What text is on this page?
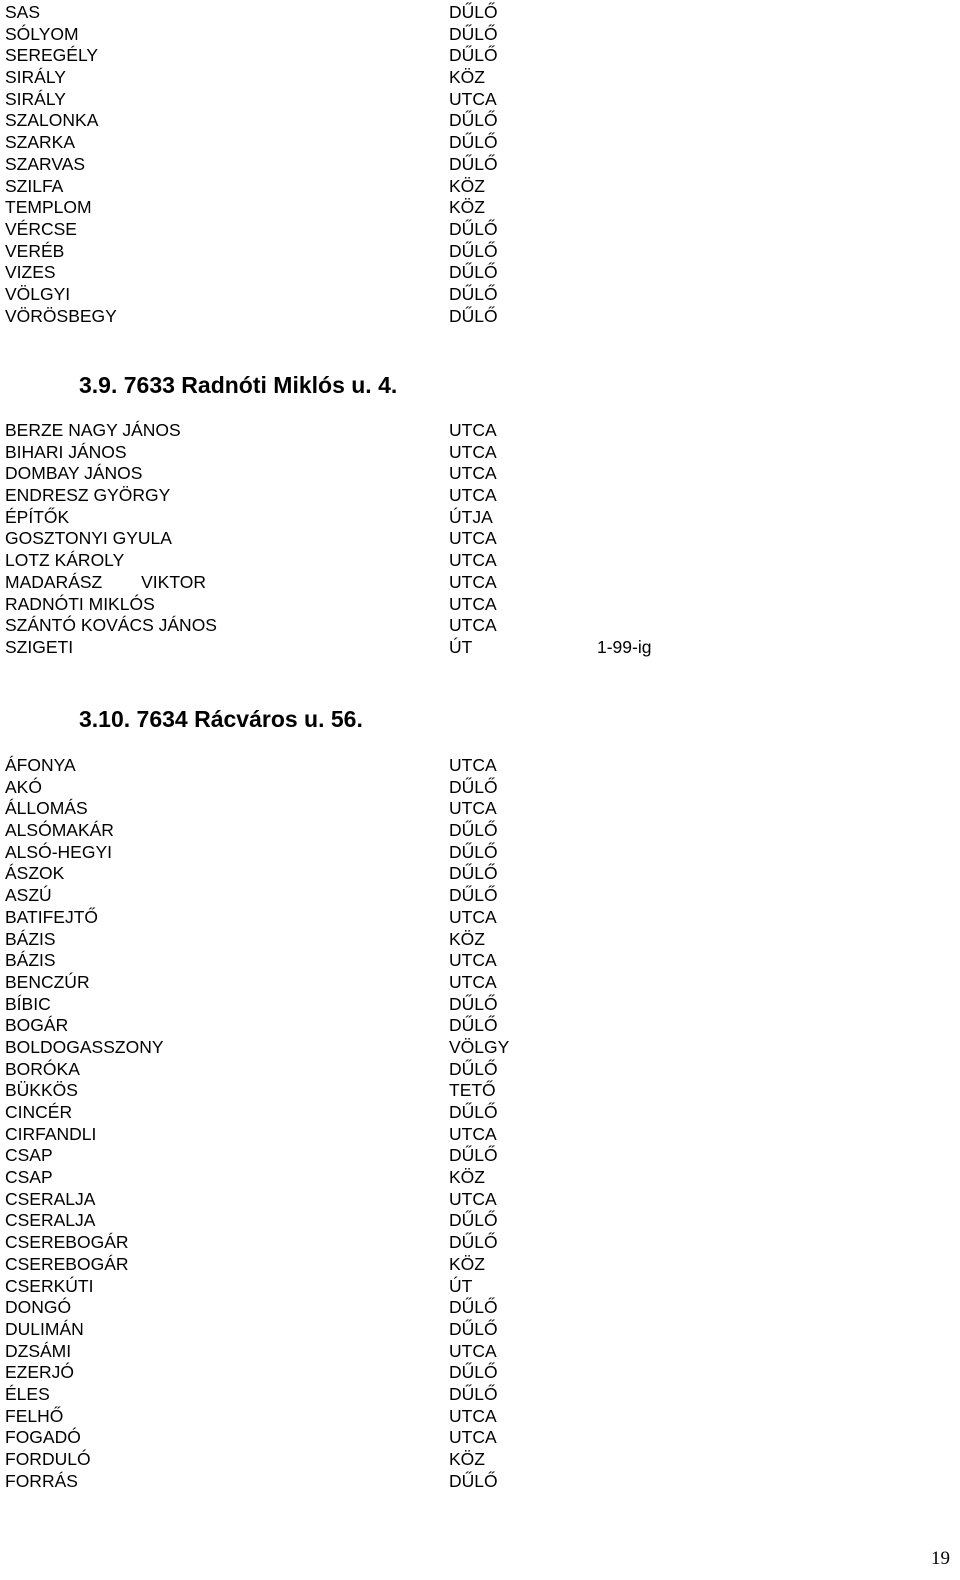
SAS	DŰLŐ
SÓLYOM	DŰLŐ
SEREGÉLY	DŰLŐ
SIRÁLY	KÖZ
SIRÁLY	UTCA
SZALONKA	DŰLŐ
SZARKA	DŰLŐ
SZARVAS	DŰLŐ
SZILFA	KÖZ
TEMPLOM	KÖZ
VÉRCSE	DŰLŐ
VERÉB	DŰLŐ
VIZES	DŰLŐ
VÖLGYI	DŰLŐ
VÖRÖSBEGY	DŰLŐ
3.9. 7633 Radnóti Miklós u. 4.
BERZE NAGY JÁNOS	UTCA
BIHARI JÁNOS	UTCA
DOMBAY JÁNOS	UTCA
ENDRESZ GYÖRGY	UTCA
ÉPÍTŐK	ÚTJA
GOSZTONYI GYULA	UTCA
LOTZ KÁROLY	UTCA
MADARÁSZ        VIKTOR	UTCA
RADNÓTI MIKLÓS	UTCA
SZÁNTÓ KOVÁCS JÁNOS	UTCA
SZIGETI	ÚT	1-99-ig
3.10. 7634 Rácváros u. 56.
ÁFONYA	UTCA
AKÓ	DŰLŐ
ÁLLOMÁS	UTCA
ALSÓMAKÁR	DŰLŐ
ALSÓ-HEGYI	DŰLŐ
ÁSZOK	DŰLŐ
ASZÚ	DŰLŐ
BATIFEJTŐ	UTCA
BÁZIS	KÖZ
BÁZIS	UTCA
BENCZÚR	UTCA
BÍBIC	DŰLŐ
BOGÁR	DŰLŐ
BOLDOGASSZONY	VÖLGY
BORÓKA	DŰLŐ
BÜKKÖS	TETŐ
CINCÉR	DŰLŐ
CIRFANDLI	UTCA
CSAP	DŰLŐ
CSAP	KÖZ
CSERALJA	UTCA
CSERALJA	DŰLŐ
CSEREBOGÁR	DŰLŐ
CSEREBOGÁR	KÖZ
CSERKÚTI	ÚT
DONGÓ	DŰLŐ
DULIMÁN	DŰLŐ
DZSÁMI	UTCA
EZERJÓ	DŰLŐ
ÉLES	DŰLŐ
FELHŐ	UTCA
FOGADÓ	UTCA
FORDULÓ	KÖZ
FORRÁS	DŰLŐ
19
